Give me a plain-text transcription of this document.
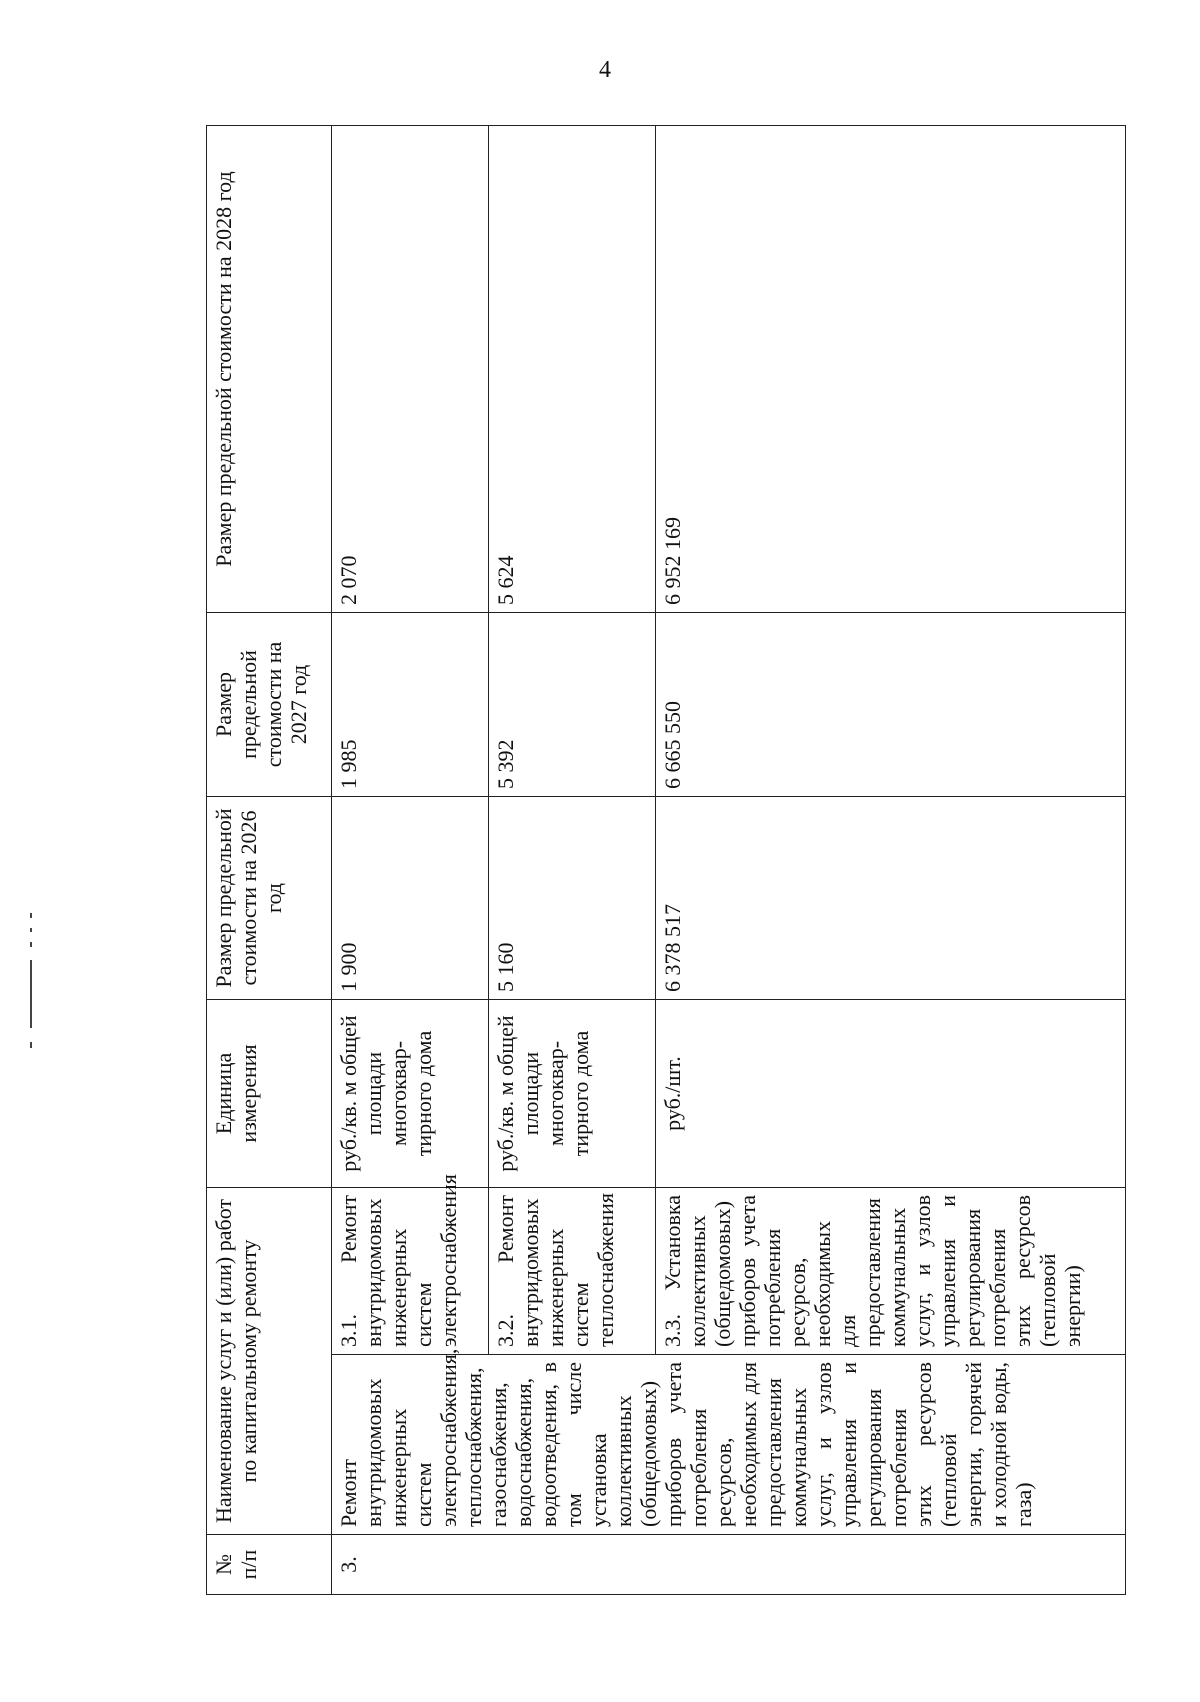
4
№
п/п	Наименование услуг и (или) работ по капитальному ремонту		Единица измерения	Размер предельной стоимости на 2026 год	Размер предельной стоимости на 2027 год	Размер предельной стоимости на 2028 год
3.	Ремонт внутридомовых инженерных систем электроснабжения, теплоснабжения, газоснабжения, водоснабжения, водоотведения, в том числе установка коллективных (общедомовых) приборов учета потребления ресурсов, необходимых для предоставления коммунальных услуг, и узлов управления и регулирования потребления этих ресурсов (тепловой энергии, горячей и холодной воды, газа)	3.1. Ремонт внутридомовых инженерных систем электроснабжения	руб./кв. м общей площади многоквар-тирного дома	1 900	1 985	2 070
		3.2. Ремонт внутридомовых инженерных систем теплоснабжения	руб./кв. м общей площади многоквар-тирного дома	5 160	5 392	5 624
		3.3. Установка коллективных (общедомовых) приборов учета потребления ресурсов, необходимых для предоставления коммунальных услуг, и узлов управления и регулирования потребления этих ресурсов (тепловой энергии)	руб./шт.	6 378 517	6 665 550	6 952 169
